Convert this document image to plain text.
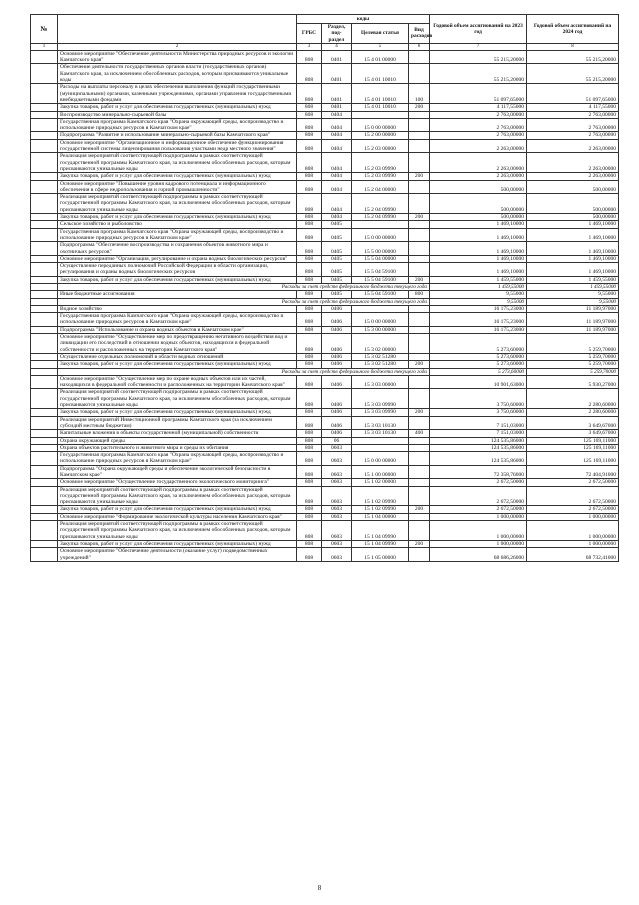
№		коды				Годовой объем ассигнований на 2023 год	Годовой объем ассигнований на 2024 год
		ГРБС	Раздел, под-раздел	Целевая статья	Вид расходов		
1	2	3	4	5	6	7	8
	Основное мероприятие "Обеспечение деятельности Министерства природных ресурсов и экологии Камчатского края"	808	0401	15 4 01 00000		55 215,20000	55 215,20000
	Обеспечение деятельности государственных органов власти (государственных органов) Камчатского края, за исключением обособленных расходов, которым присваиваются уникальные коды	808	0401	15 4 01 10010		55 215,20000	55 215,20000
	Расходы на выплаты персоналу в целях обеспечения выполнения функций государственными (муниципальными) органами, казенными учреждениями, органами управления государственными внебюджетными фондами	808	0401	15 4 01 10010	100	51 097,65000	51 097,65000
	Закупка товаров, работ и услуг для обеспечения государственных (муниципальных) нужд	808	0401	15 4 01 10010	200	4 117,55000	4 117,55000
	Воспроизводство минерально-сырьевой базы	808	0404			2 763,00000	2 763,00000
	Государственная программа Камчатского края "Охрана окружающей среды, воспроизводство и использование природных ресурсов в Камчатском крае"	808	0404	15 0 00 00000		2 763,00000	2 763,00000
	Подпрограмма "Развитие и использование минерально-сырьевой базы Камчатского края"	808	0404	15 2 00 00000		2 763,00000	2 763,00000
	Основное мероприятие "Организационное и информационное обеспечение функционирования государственной системы лицензирования пользования участками недр местного значения"	808	0404	15 2 03 00000		2 263,00000	2 263,00000
	Реализация мероприятий соответствующей подпрограммы в рамках соответствующей государственной программы Камчатского края, за исключением обособленных расходов, которым присваиваются уникальные коды	808	0404	15 2 03 09990		2 263,00000	2 263,00000
	Закупка товаров, работ и услуг для обеспечения государственных (муниципальных) нужд	808	0404	15 2 03 09990	200	2 263,00000	2 263,00000
	Основное мероприятие "Повышение уровня кадрового потенциала и информационного обеспечения в сфере недропользования и горной промышленности"	808	0404	15 2 04 00000		500,00000	500,00000
	Реализация мероприятий соответствующей подпрограммы в рамках соответствующей государственной программы Камчатского края, за исключением обособленных расходов, которым присваиваются уникальные коды	808	0404	15 2 04 09990		500,00000	500,00000
	Закупка товаров, работ и услуг для обеспечения государственных (муниципальных) нужд	808	0404	15 2 04 09990	200	500,00000	500,00000
	Сельское хозяйство и рыболовство	808	0405			1 469,10000	1 469,10000
	Государственная программа Камчатского края "Охрана окружающей среды, воспроизводство и использование природных ресурсов в Камчатском крае"	808	0405	15 0 00 00000		1 469,10000	1 469,10000
	Подпрограмма "Обеспечение воспроизводства и сохранения объектов животного мира и охотничьих ресурсов"	808	0405	15 5 00 00000		1 469,10000	1 469,10000
	Основное мероприятие "Организация, регулирование и охрана водных биологических ресурсов"	808	0405	15 5 04 00000		1 469,10000	1 469,10000
	Осуществление переданных полномочий Российской Федерации в области организации, регулирования и охраны водных биологических ресурсов	808	0405	15 5 04 59100		1 469,10000	1 469,10000
	Закупка товаров, работ и услуг для обеспечения государственных (муниципальных) нужд	808	0405	15 5 04 59100	200	1 459,55000	1 459,55000
	Расходы за счет средств федерального бюджета текущего года					1 459,55000	1 459,55000
	Иные бюджетные ассигнования	808	0405	15 5 04 59100	800	9,55000	9,55000
	Расходы за счет средств федерального бюджета текущего года					9,55000	9,55000
	Водное хозяйство	808	0406			16 175,23000	11 189,97000
	Государственная программа Камчатского края "Охрана окружающей среды, воспроизводство и использование природных ресурсов в Камчатском крае"	808	0406	15 0 00 00000		16 175,23000	11 189,97000
	Подпрограмма "Использование и охрана водных объектов в Камчатском крае"	808	0406	15 3 00 00000		16 175,23000	11 189,97000
	Основное мероприятие "Осуществление мер по предотвращению негативного воздействия вод и ликвидации его последствий в отношении водных объектов, находящихся в федеральной собственности и расположенных на территории Камчатского края"	808	0406	15 3 02 00000		5 273,60000	5 259,70000
	Осуществление отдельных полномочий в области водных отношений	808	0406	15 3 02 51280		5 273,60000	5 259,70000
	Закупка товаров, работ и услуг для обеспечения государственных (муниципальных) нужд	808	0406	15 3 02 51280	200	5 273,60000	5 259,70000
	Расходы за счет средств федерального бюджета текущего года					5 273,60000	5 259,70000
	Основное мероприятие "Осуществление мер по охране водных объектов или их частей, находящихся в федеральной собственности и расположенных на территории Камчатского края"	808	0406	15 3 03 00000		10 901,63000	5 930,27000
	Реализация мероприятий соответствующей подпрограммы в рамках соответствующей государственной программы Камчатского края, за исключением обособленных расходов, которым присваиваются уникальные коды	808	0406	15 3 03 09990		3 750,60000	2 280,60000
	Закупка товаров, работ и услуг для обеспечения государственных (муниципальных) нужд	808	0406	15 3 03 09990	200	3 750,60000	2 280,60000
	Реализация мероприятий Инвестиционной программы Камчатского края (за исключением субсидий местным бюджетам)	808	0406	15 3 03 10130		7 151,03000	3 649,67000
	Капитальные вложения в объекты государственной (муниципальной) собственности	808	0406	15 3 03 10130	400	7 151,03000	3 649,67000
	Охрана окружающей среды	808	06			124 535,86000	125 169,11000
	Охрана объектов растительного и животного мира и среды их обитания	808	0603			124 535,86000	125 169,11000
	Государственная программа Камчатского края "Охрана окружающей среды, воспроизводство и использование природных ресурсов в Камчатском крае"	808	0603	15 0 00 00000		124 535,86000	125 169,11000
	Подпрограмма "Охрана окружающей среды и обеспечение экологической безопасности в Камчатском крае"	808	0603	15 1 00 00000		72 358,76000	72 404,91000
	Основное мероприятие "Осуществление государственного экологического мониторинга"	808	0603	15 1 02 00000		2 672,50000	2 672,50000
	Реализация мероприятий соответствующей подпрограммы в рамках соответствующей государственной программы Камчатского края, за исключением обособленных расходов, которым присваиваются уникальные коды	808	0603	15 1 02 09990		2 672,50000	2 672,50000
	Закупка товаров, работ и услуг для обеспечения государственных (муниципальных) нужд	808	0603	15 1 02 09990	200	2 672,50000	2 672,50000
	Основное мероприятие "Формирование экологической культуры населения Камчатского края"	808	0603	15 1 04 00000		1 000,00000	1 000,00000
	Реализация мероприятий соответствующей подпрограммы в рамках соответствующей государственной программы Камчатского края, за исключением обособленных расходов, которым присваиваются уникальные коды	808	0603	15 1 04 09990		1 000,00000	1 000,00000
	Закупка товаров, работ и услуг для обеспечения государственных (муниципальных) нужд	808	0603	15 1 04 09990	200	1 000,00000	1 000,00000
	Основное мероприятие "Обеспечение деятельности (оказание услуг) подведомственных учреждений"	808	0603	15 1 05 00000		68 686,26000	68 732,41000
8
